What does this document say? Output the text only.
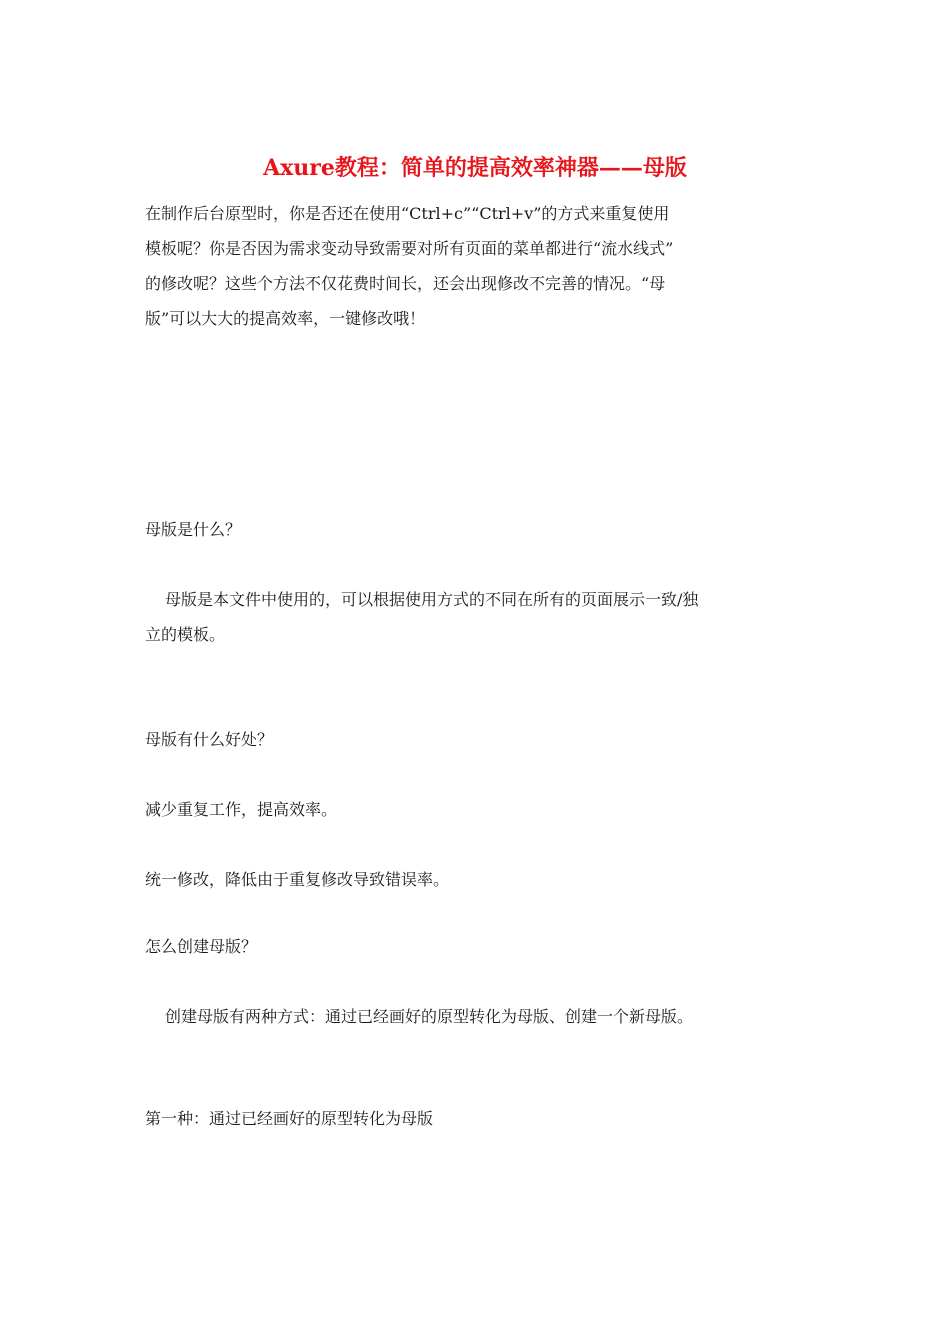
Axure教程：简单的提高效率神器——母版
在制作后台原型时，你是否还在使用“Ctrl+c”“Ctrl+v”的方式来重复使用
模板呢？你是否因为需求变动导致需要对所有页面的菜单都进行“流水线式”
的修改呢？这些个方法不仅花费时间长，还会出现修改不完善的情况。“母
版”可以大大的提高效率，一键修改哦！
母版是什么？
母版是本文件中使用的，可以根据使用方式的不同在所有的页面展示一致/独
立的模板。
母版有什么好处？
减少重复工作，提高效率。
统一修改，降低由于重复修改导致错误率。
怎么创建母版？
创建母版有两种方式：通过已经画好的原型转化为母版、创建一个新母版。
第一种：通过已经画好的原型转化为母版
